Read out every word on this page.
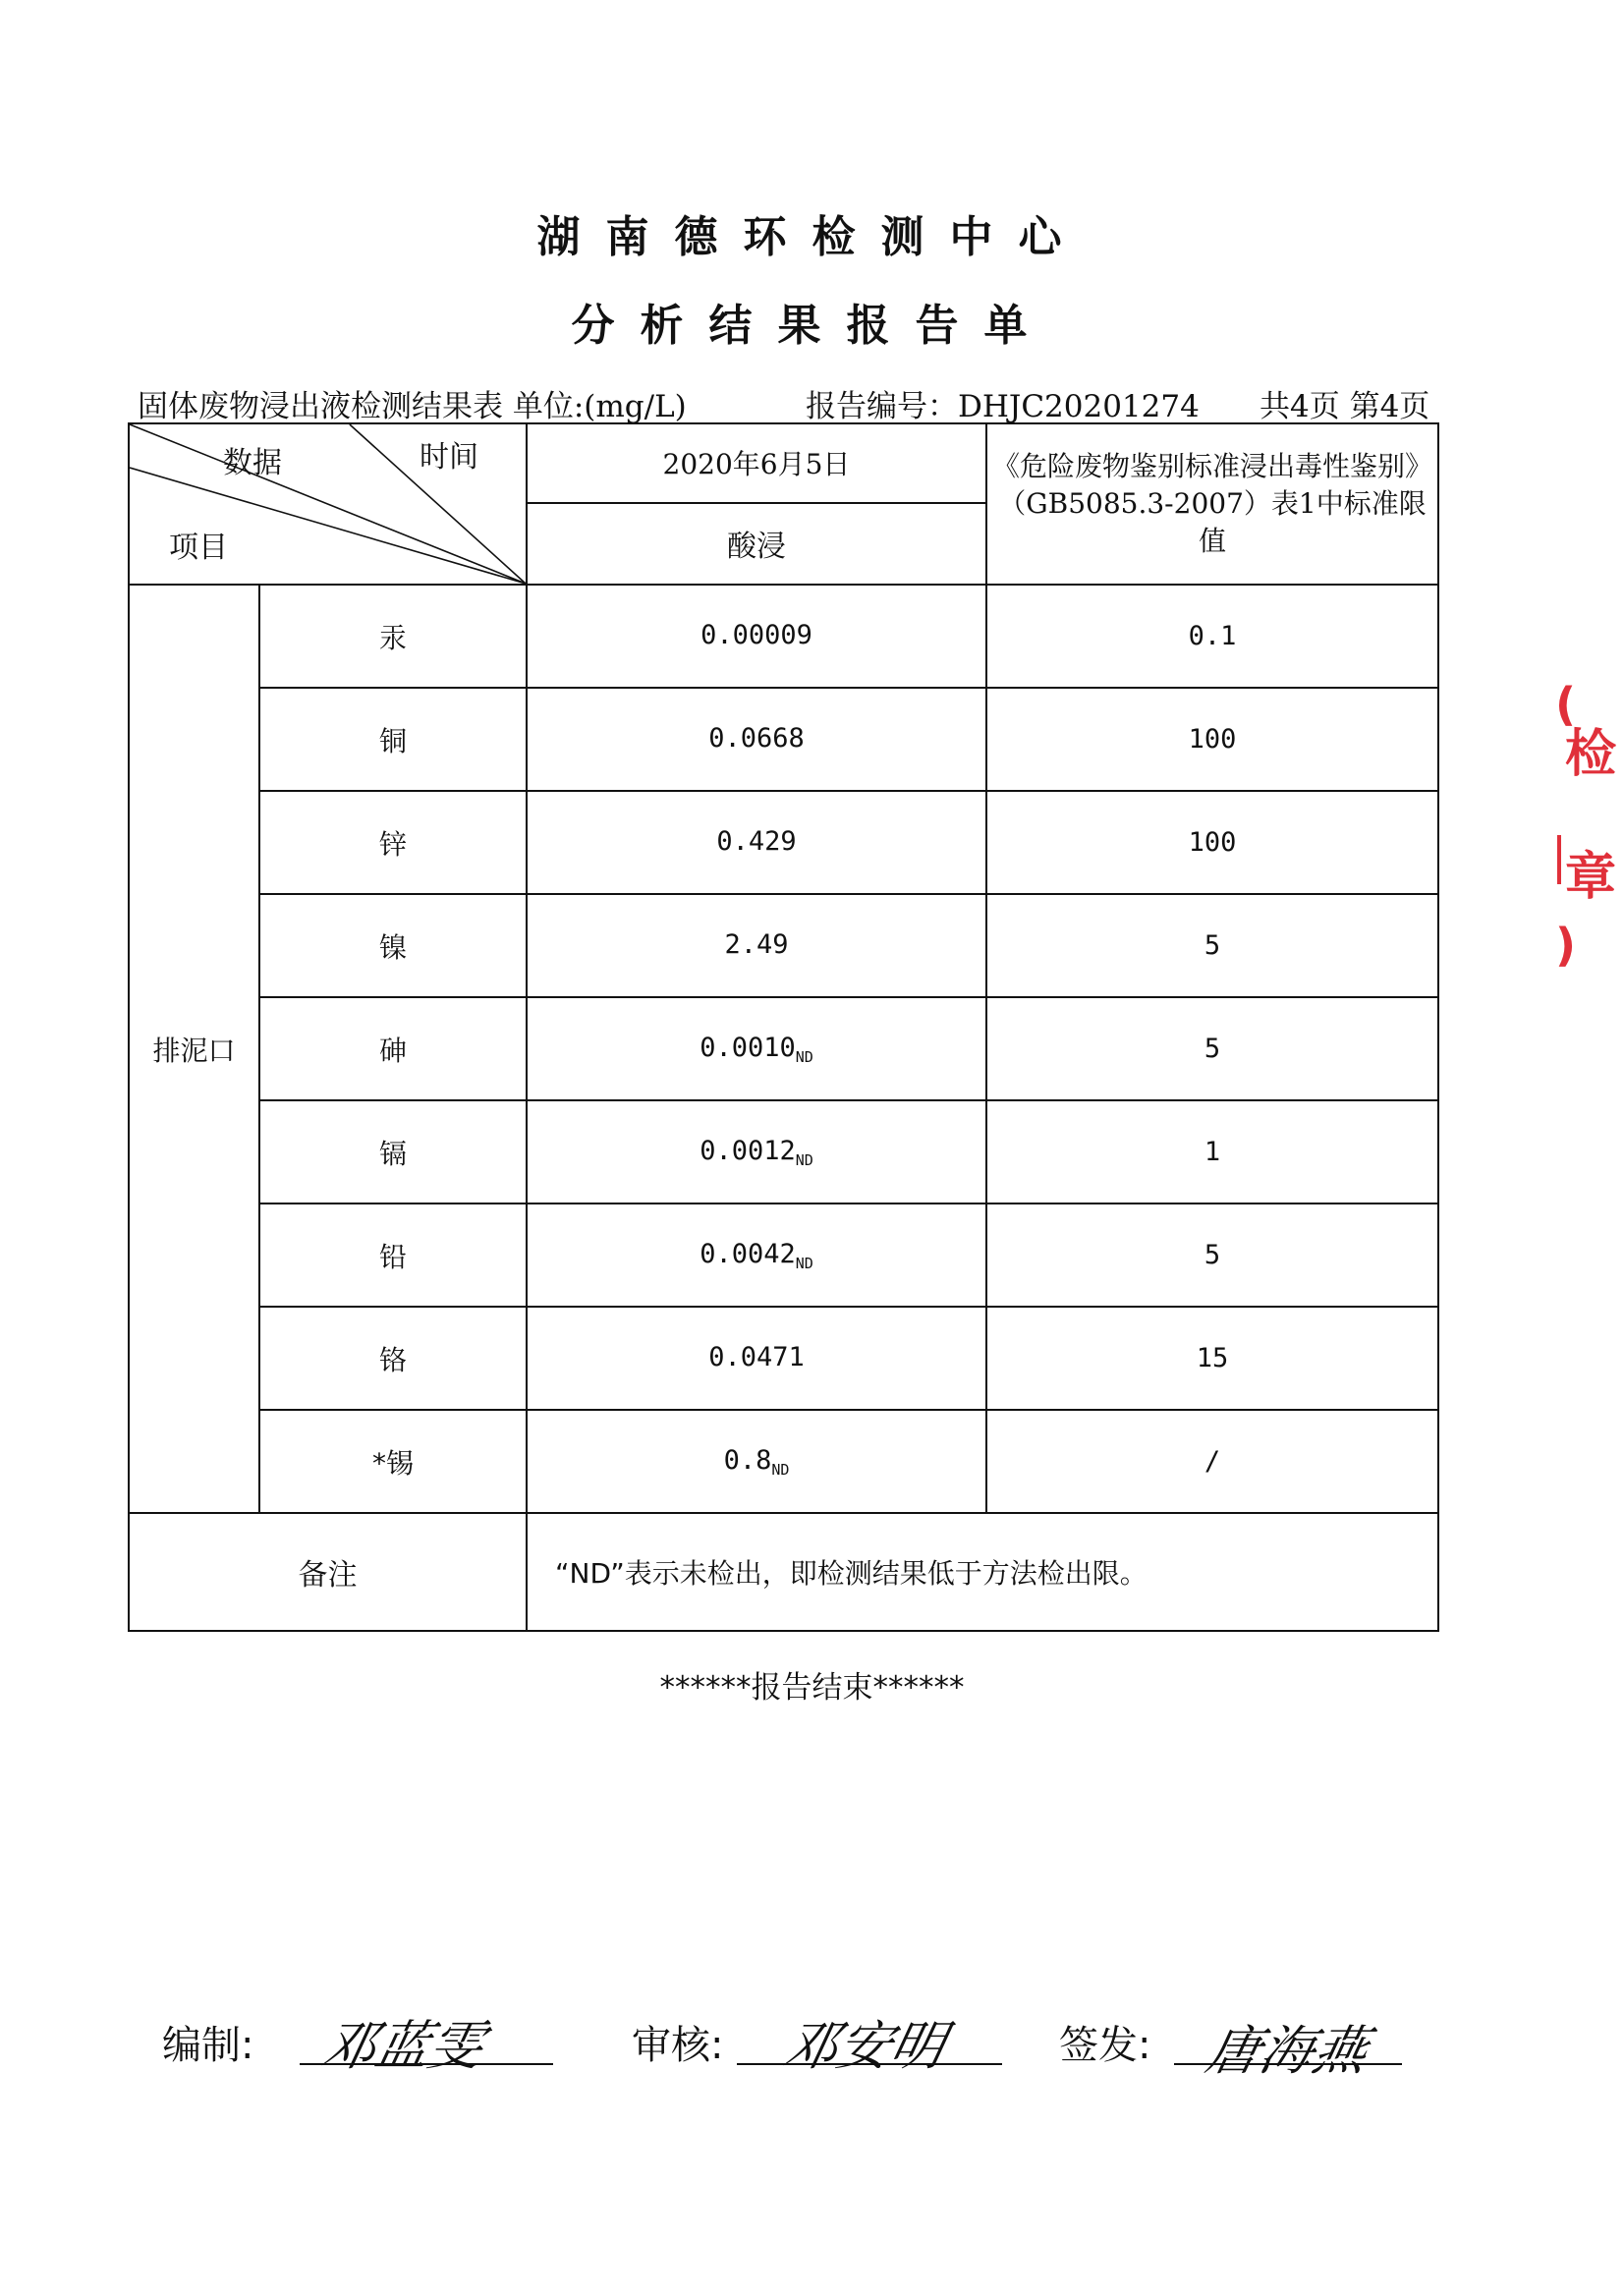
湖南德环检测中心
分析结果报告单
固体废物浸出液检测结果表 单位:(mg/L)	报告编号：DHJC20201274 共4页 第4页
数据 时间
项目		2020年6月5日	《危险废物鉴别标准浸出毒性鉴别》（GB5085.3-2007）表1中标准限值
		酸浸	
排泥口	汞	0.00009	0.1
	铜	0.0668	100
	锌	0.429	100
	镍	2.49	5
	砷	$0.0010_{ND}$	5
	镉	$0.0012_{ND}$	1
	铅	$0.0042_{ND}$	5
	铬	0.0471	15
	*锡	$0.8_{ND}$	/
备注		“ND”表示未检出，即检测结果低于方法检出限。	
******报告结束******
编制: 邓蓝雯	审核: 邓安明	签发: 唐海燕
(
检
章
)
